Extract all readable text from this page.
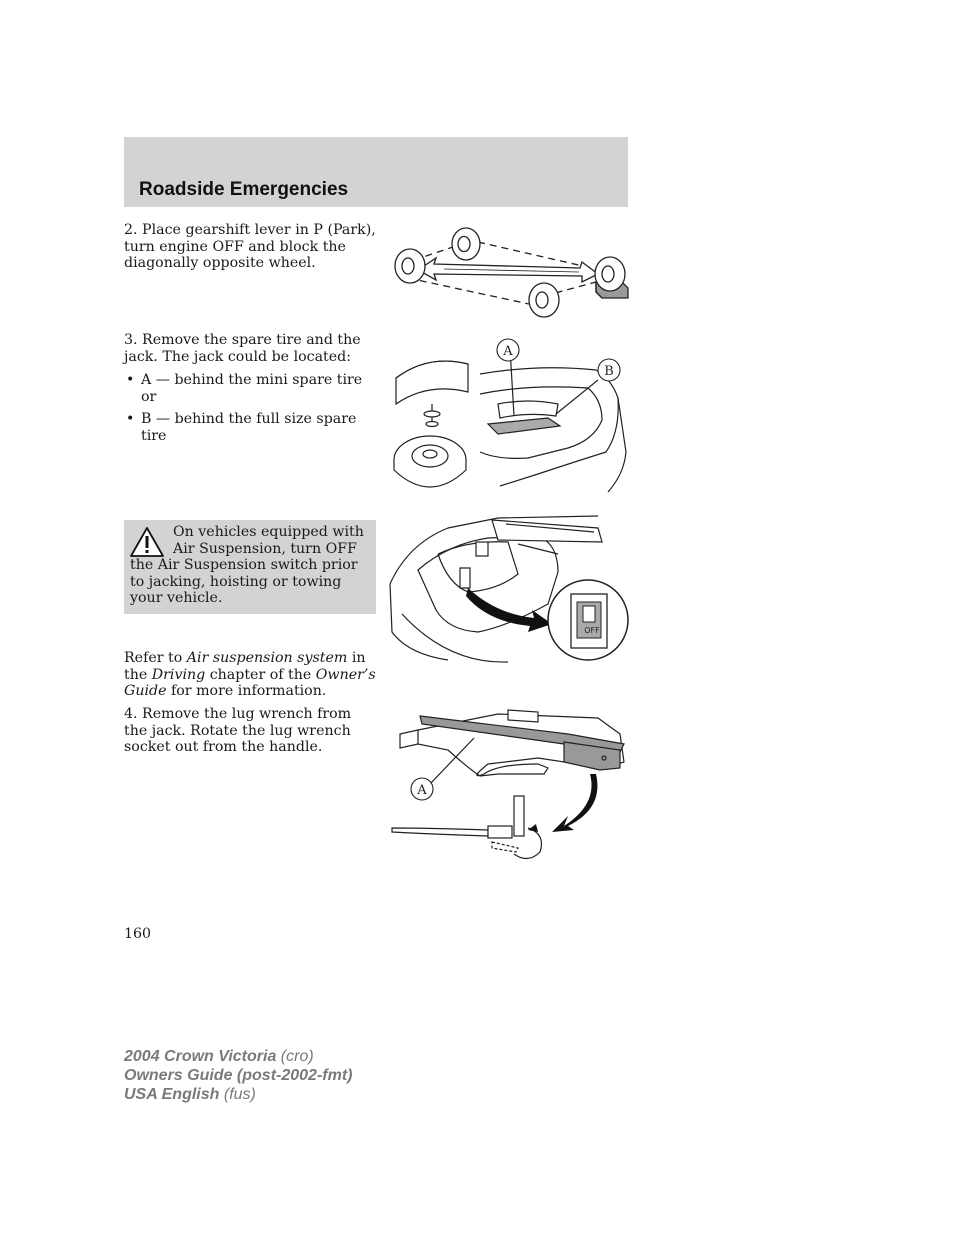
Roadside Emergencies

2. Place gearshift lever in P (Park), turn engine OFF and block the diagonally opposite wheel.

3. Remove the spare tire and the jack. The jack could be located:

• A — behind the mini spare tire or
• B — behind the full size spare tire
A
B

On vehicles equipped with
Air Suspension, turn OFF
the Air Suspension switch prior to jacking, hoisting or towing your vehicle.

OFF

Refer to Air suspension system in the Driving chapter of the Owner’s Guide for more information.

4. Remove the lug wrench from the jack. Rotate the lug wrench socket out from the handle.

A
160
2004 Crown Victoria (cro)
Owners Guide (post-2002-fmt)
USA English (fus)
